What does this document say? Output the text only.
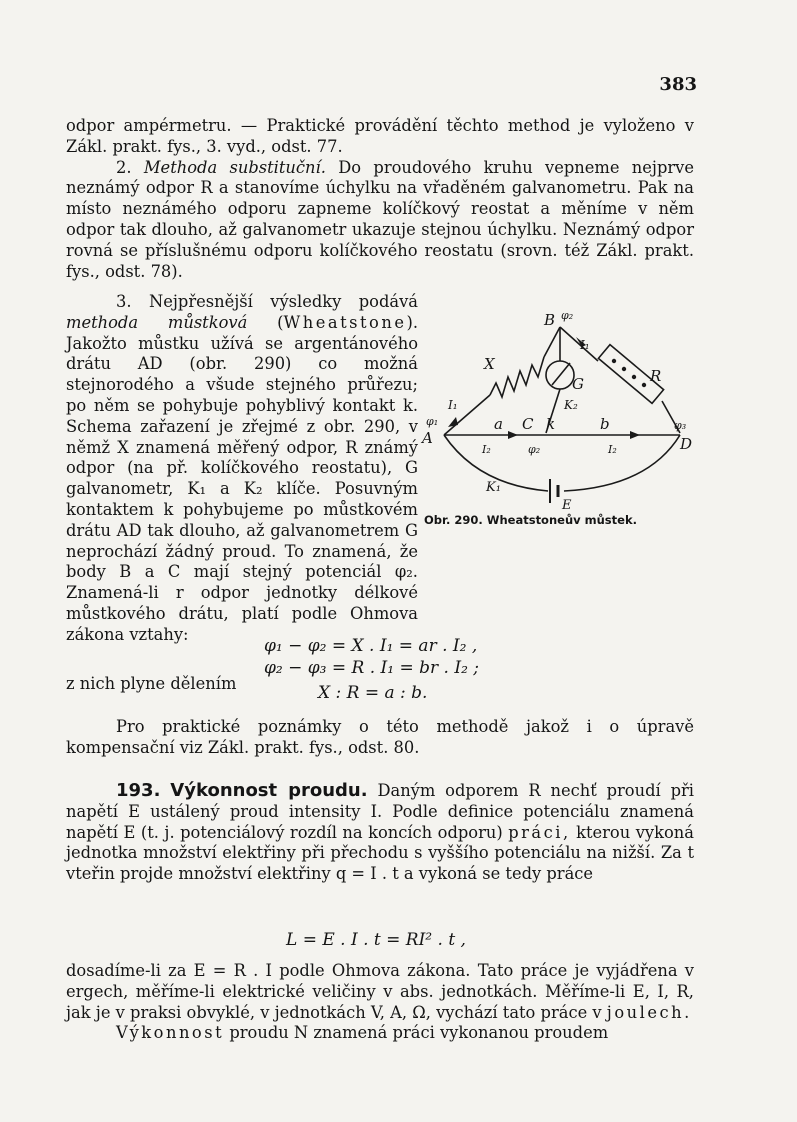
383

odpor ampérmetru. — Praktické provádění těchto method je vyloženo v Zákl. prakt. fys., 3. vyd., odst. 77.

2. Methoda substituční. Do proudového kruhu vepneme nejprve neznámý odpor R a stanovíme úchylku na vřaděném galvanometru. Pak na místo neznámého odporu zapneme kolíčkový reostat a měníme v něm odpor tak dlouho, až galvanometr ukazuje stejnou úchylku. Neznámý odpor rovná se příslušnému odporu kolíčkového reostatu (srovn. též Zákl. prakt. fys., odst. 78).

3. Nejpřesnější výsledky podává methoda můstková (Wheatstone). Jakožto můstku užívá se argentánového drátu AD (obr. 290) co možná stejnorodého a všude stejného průřezu; po něm se pohybuje pohyblivý kontakt k. Schema zařazení je zřejmé z obr. 290, v němž X znamená měřený odpor, R známý odpor (na př. kolíčkového reostatu), G galvanometr, K₁ a K₂ klíče. Posuvným kontaktem k pohybujeme po můstkovém drátu AD tak dlouho, až galvanometrem G neprochází žádný proud. To znamená, že body B a C mají stejný potenciál φ₂. Znamená-li r odpor jednotky délkové můstkového drátu, platí podle Ohmova zákona vztahy:

B φ₂
I₁
X
G	R
K₂
I₁
A
φ₁	a C k	b	φ₃
D
I₂	φ₂	I₂
K₁
E
Obr. 290. Wheatstoneův můstek.
φ₁ − φ₂ = X . I₁ = ar . I₂ ,
φ₂ − φ₃ = R . I₁ = br . I₂ ;
z nich plyne dělením	X : R = a : b.

Pro praktické poznámky o této methodě jakož i o úpravě kompensační viz Zákl. prakt. fys., odst. 80.

193. Výkonnost proudu. Daným odporem R nechť proudí při napětí E ustálený proud intensity I. Podle definice potenciálu znamená napětí E (t. j. potenciálový rozdíl na koncích odporu) práci, kterou vykoná jednotka množství elektřiny při přechodu s vyššího potenciálu na nižší. Za t vteřin projde množství elektřiny q = I . t a vykoná se tedy práce

L = E . I . t = RI² . t ,

dosadíme-li za E = R . I podle Ohmova zákona. Tato práce je vyjádřena v ergech, měříme-li elektrické veličiny v abs. jednotkách. Měříme-li E, I, R, jak je v praksi obvyklé, v jednotkách V, A, Ω, vychází tato práce v joulech.

Výkonnost proudu N znamená práci vykonanou proudem
